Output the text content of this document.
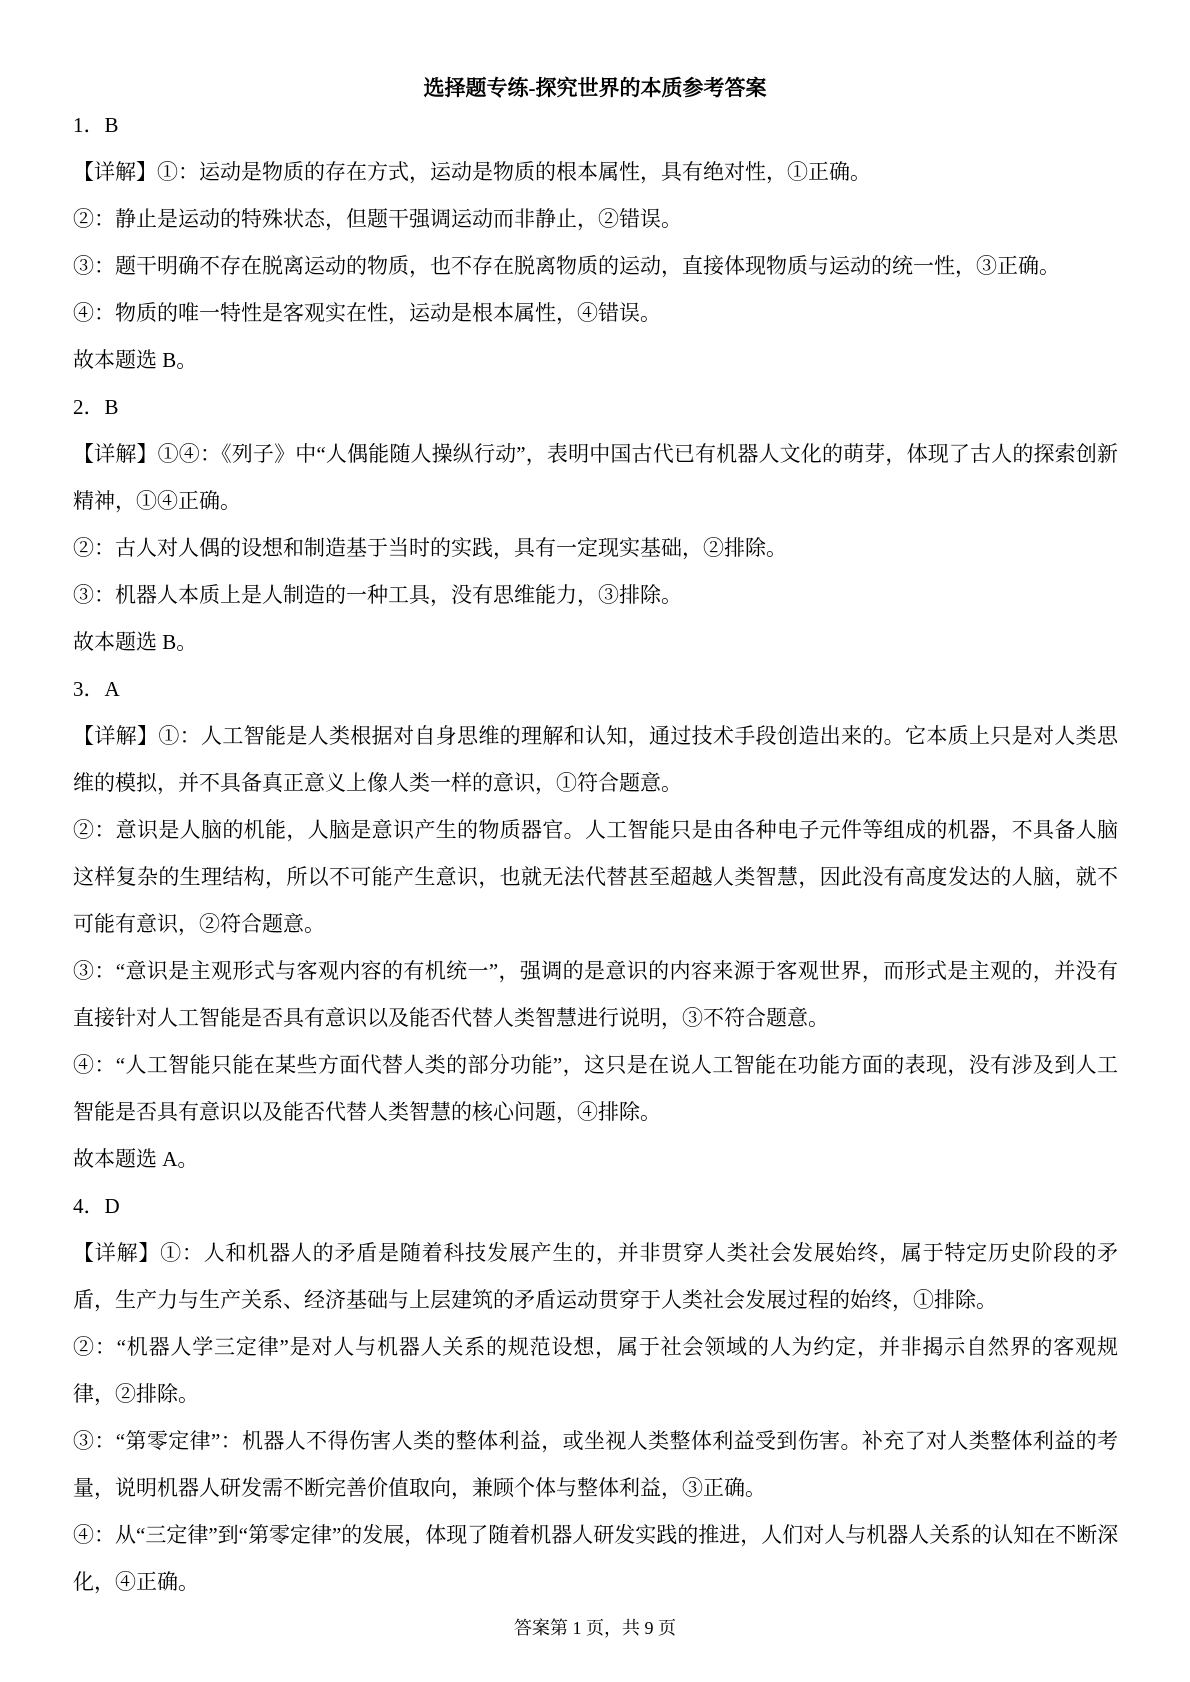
选择题专练-探究世界的本质参考答案
1．B
【详解】①：运动是物质的存在方式，运动是物质的根本属性，具有绝对性，①正确。
②：静止是运动的特殊状态，但题干强调运动而非静止，②错误。
③：题干明确不存在脱离运动的物质，也不存在脱离物质的运动，直接体现物质与运动的统一性，③正确。
④：物质的唯一特性是客观实在性，运动是根本属性，④错误。
故本题选 B。
2．B
【详解】①④：《列子》中“人偶能随人操纵行动”，表明中国古代已有机器人文化的萌芽，体现了古人的探索创新
精神，①④正确。
②：古人对人偶的设想和制造基于当时的实践，具有一定现实基础，②排除。
③：机器人本质上是人制造的一种工具，没有思维能力，③排除。
故本题选 B。
3．A
【详解】①：人工智能是人类根据对自身思维的理解和认知，通过技术手段创造出来的。它本质上只是对人类思
维的模拟，并不具备真正意义上像人类一样的意识，①符合题意。
②：意识是人脑的机能，人脑是意识产生的物质器官。人工智能只是由各种电子元件等组成的机器，不具备人脑
这样复杂的生理结构，所以不可能产生意识，也就无法代替甚至超越人类智慧，因此没有高度发达的人脑，就不
可能有意识，②符合题意。
③：“意识是主观形式与客观内容的有机统一”，强调的是意识的内容来源于客观世界，而形式是主观的，并没有
直接针对人工智能是否具有意识以及能否代替人类智慧进行说明，③不符合题意。
④：“人工智能只能在某些方面代替人类的部分功能”，这只是在说人工智能在功能方面的表现，没有涉及到人工
智能是否具有意识以及能否代替人类智慧的核心问题，④排除。
故本题选 A。
4．D
【详解】①：人和机器人的矛盾是随着科技发展产生的，并非贯穿人类社会发展始终，属于特定历史阶段的矛
盾，生产力与生产关系、经济基础与上层建筑的矛盾运动贯穿于人类社会发展过程的始终，①排除。
②：“机器人学三定律”是对人与机器人关系的规范设想，属于社会领域的人为约定，并非揭示自然界的客观规
律，②排除。
③：“第零定律”：机器人不得伤害人类的整体利益，或坐视人类整体利益受到伤害。补充了对人类整体利益的考
量，说明机器人研发需不断完善价值取向，兼顾个体与整体利益，③正确。
④：从“三定律”到“第零定律”的发展，体现了随着机器人研发实践的推进，人们对人与机器人关系的认知在不断深
化，④正确。
答案第 1 页，共 9 页
